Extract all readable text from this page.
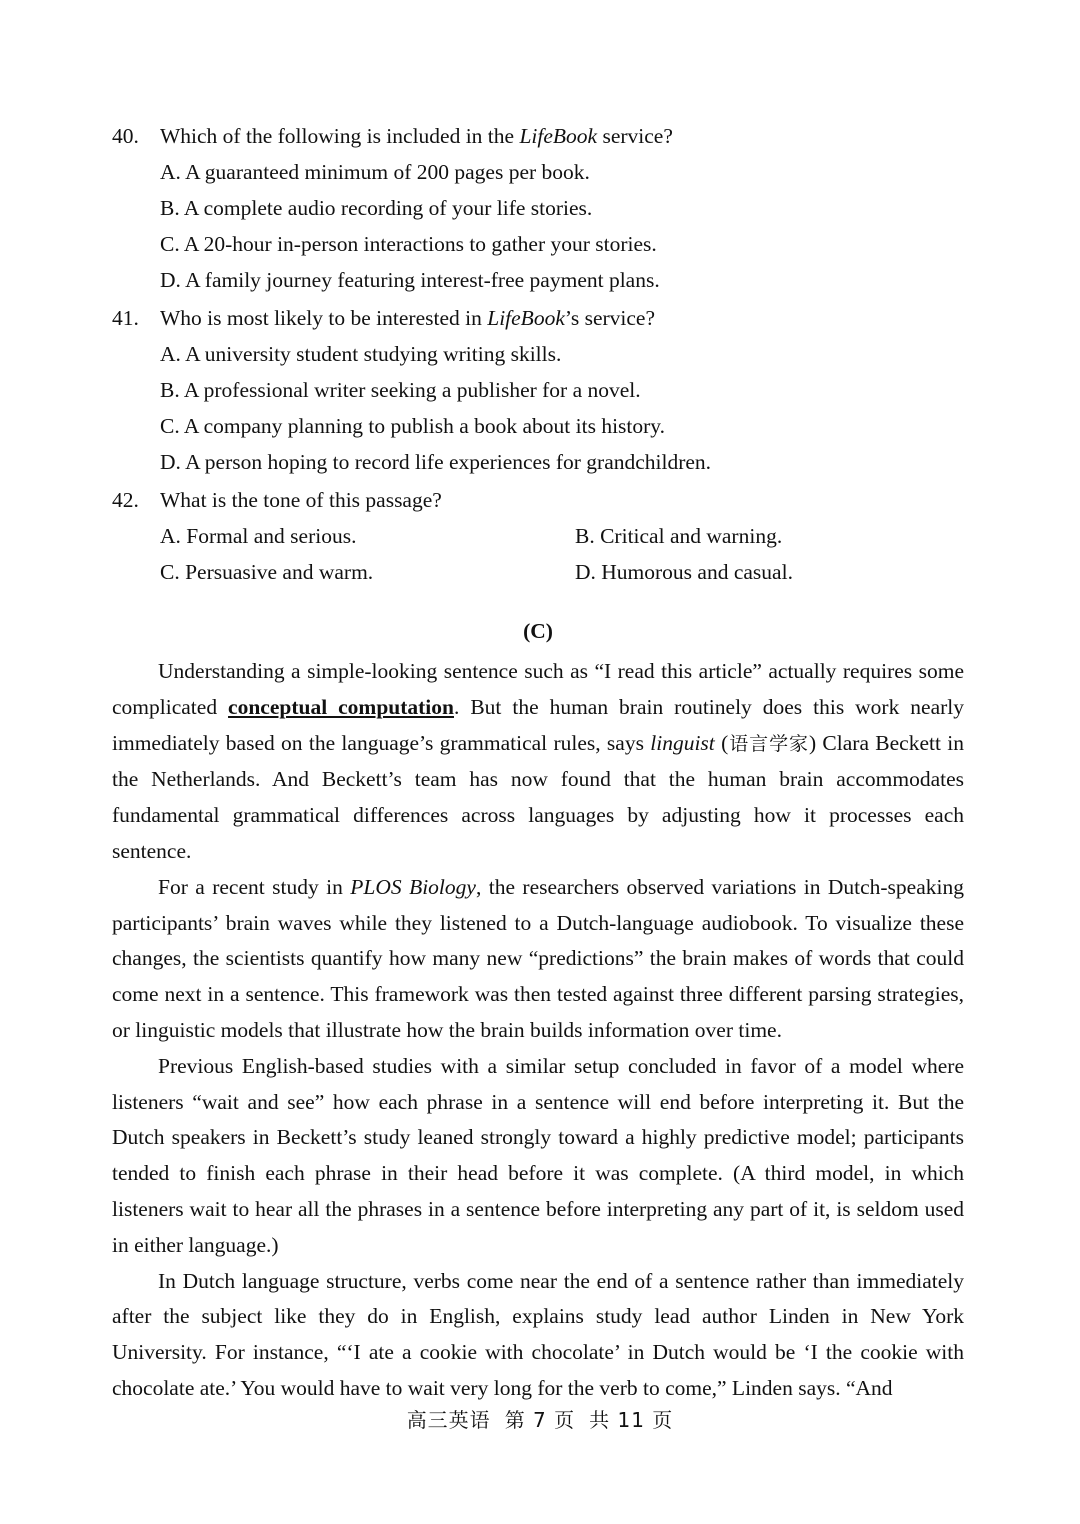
40. Which of the following is included in the LifeBook service?
A. A guaranteed minimum of 200 pages per book.
B. A complete audio recording of your life stories.
C. A 20-hour in-person interactions to gather your stories.
D. A family journey featuring interest-free payment plans.
41. Who is most likely to be interested in LifeBook’s service?
A. A university student studying writing skills.
B. A professional writer seeking a publisher for a novel.
C. A company planning to publish a book about its history.
D. A person hoping to record life experiences for grandchildren.
42. What is the tone of this passage?
A. Formal and serious.	B. Critical and warning.
C. Persuasive and warm.	D. Humorous and casual.
(C)

Understanding a simple-looking sentence such as “I read this article” actually requires some complicated conceptual computation. But the human brain routinely does this work nearly immediately based on the language’s grammatical rules, says linguist (语言学家) Clara Beckett in the Netherlands. And Beckett’s team has now found that the human brain accommodates fundamental grammatical differences across languages by adjusting how it processes each sentence.

For a recent study in PLOS Biology, the researchers observed variations in Dutch-speaking participants’ brain waves while they listened to a Dutch-language audiobook. To visualize these changes, the scientists quantify how many new “predictions” the brain makes of words that could come next in a sentence. This framework was then tested against three different parsing strategies, or linguistic models that illustrate how the brain builds information over time.

Previous English-based studies with a similar setup concluded in favor of a model where listeners “wait and see” how each phrase in a sentence will end before interpreting it. But the Dutch speakers in Beckett’s study leaned strongly toward a highly predictive model; participants tended to finish each phrase in their head before it was complete. (A third model, in which listeners wait to hear all the phrases in a sentence before interpreting any part of it, is seldom used in either language.)

In Dutch language structure, verbs come near the end of a sentence rather than immediately after the subject like they do in English, explains study lead author Linden in New York University. For instance, “‘I ate a cookie with chocolate’ in Dutch would be ‘I the cookie with chocolate ate.’ You would have to wait very long for the verb to come,” Linden says. “And

高三英语 第 7 页 共 11 页
